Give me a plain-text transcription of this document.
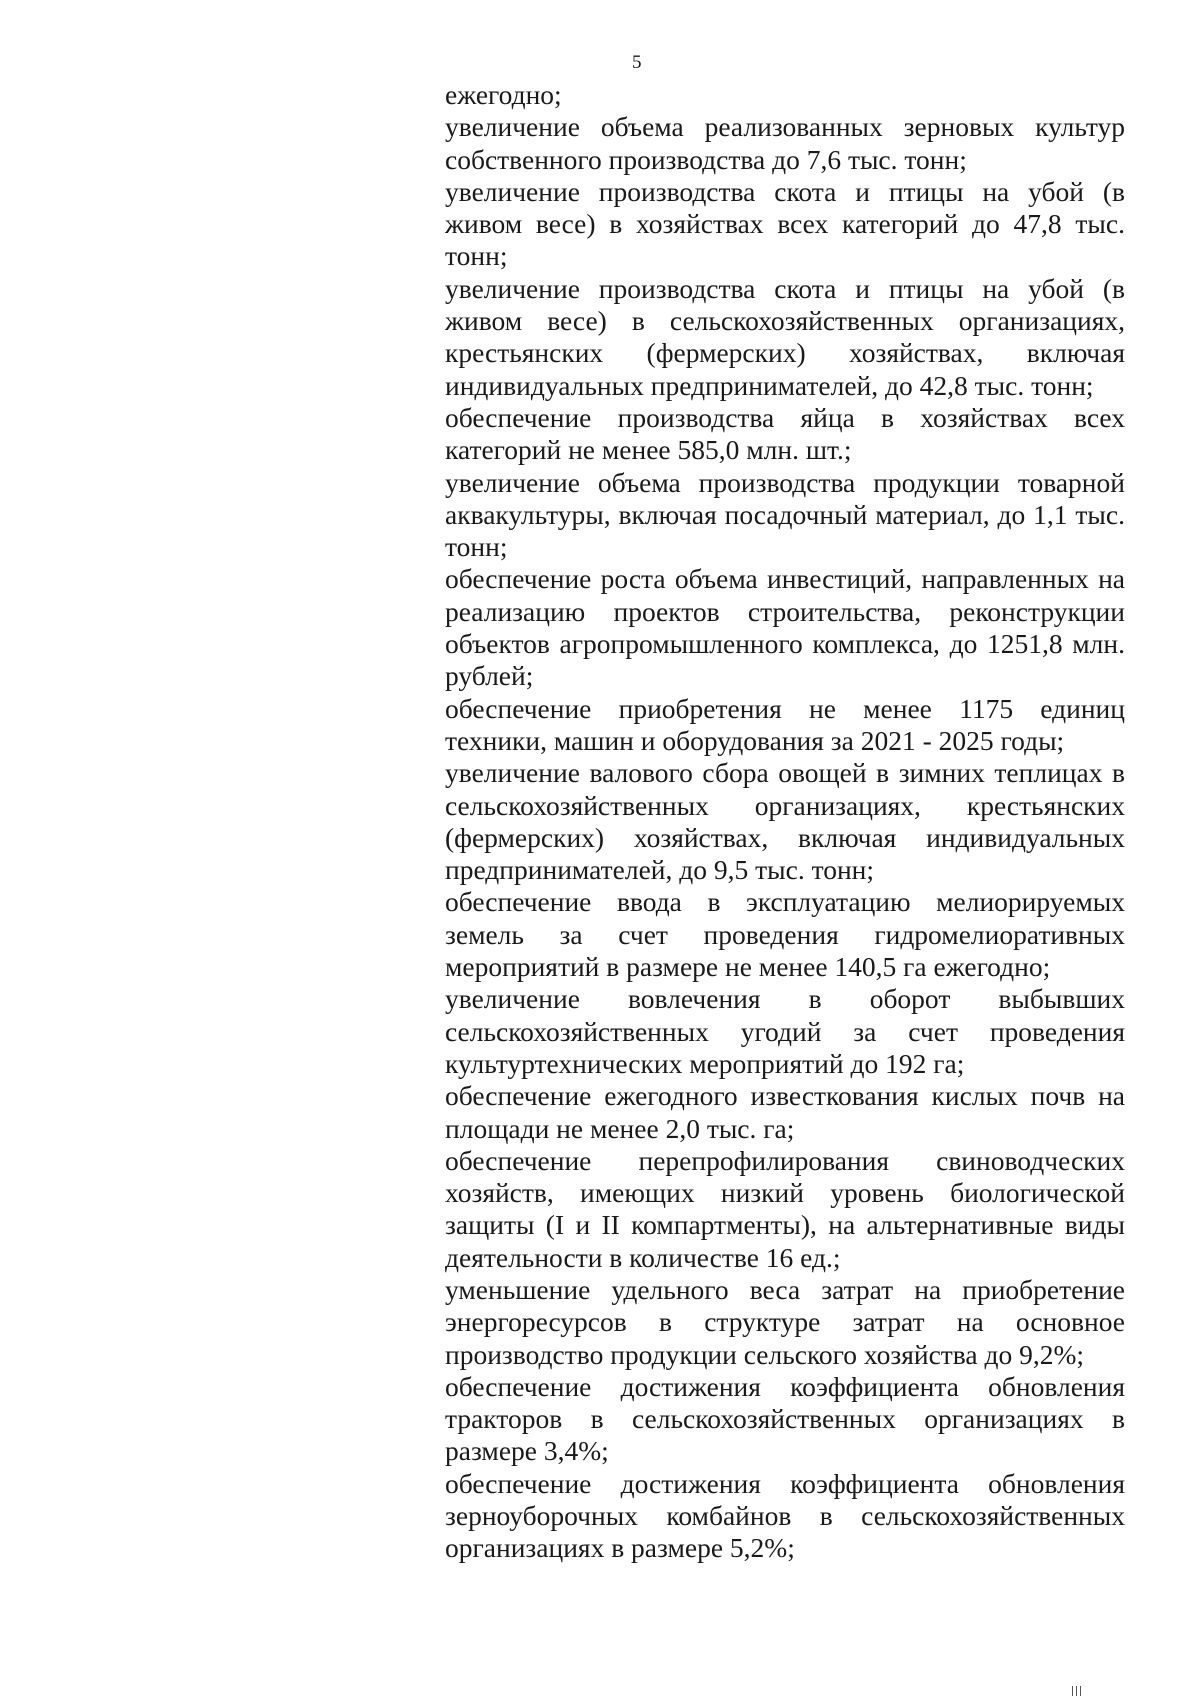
5

ежегодно;

увеличение объема реализованных зерновых культур собственного производства до 7,6 тыс. тонн;

увеличение производства скота и птицы на убой (в живом весе) в хозяйствах всех категорий до 47,8 тыс. тонн;

увеличение производства скота и птицы на убой (в живом весе) в сельскохозяйственных организациях, крестьянских (фермерских) хозяйствах, включая индивидуальных предпринимателей, до 42,8 тыс. тонн;

обеспечение производства яйца в хозяйствах всех категорий не менее 585,0 млн. шт.;

увеличение объема производства продукции товарной аквакультуры, включая посадочный материал, до 1,1 тыс. тонн;

обеспечение роста объема инвестиций, направленных на реализацию проектов строительства, реконструкции объектов агропромышленного комплекса, до 1251,8 млн. рублей;

обеспечение приобретения не менее 1175 единиц техники, машин и оборудования за 2021 - 2025 годы;

увеличение валового сбора овощей в зимних теплицах в сельскохозяйственных организациях, крестьянских (фермерских) хозяйствах, включая индивидуальных предпринимателей, до 9,5 тыс. тонн;

обеспечение ввода в эксплуатацию мелиорируемых земель за счет проведения гидромелиоративных мероприятий в размере не менее 140,5 га ежегодно;

увеличение вовлечения в оборот выбывших сельскохозяйственных угодий за счет проведения культуртехнических мероприятий до 192 га;

обеспечение ежегодного известкования кислых почв на площади не менее 2,0 тыс. га;

обеспечение перепрофилирования свиноводческих хозяйств, имеющих низкий уровень биологической защиты (I и II компартменты), на альтернативные виды деятельности в количестве 16 ед.;

уменьшение удельного веса затрат на приобретение энергоресурсов в структуре затрат на основное производство продукции сельского хозяйства до 9,2%;

обеспечение достижения коэффициента обновления тракторов в сельскохозяйственных организациях в размере 3,4%;

обеспечение достижения коэффициента обновления зерноуборочных комбайнов в сельскохозяйственных организациях в размере 5,2%;
